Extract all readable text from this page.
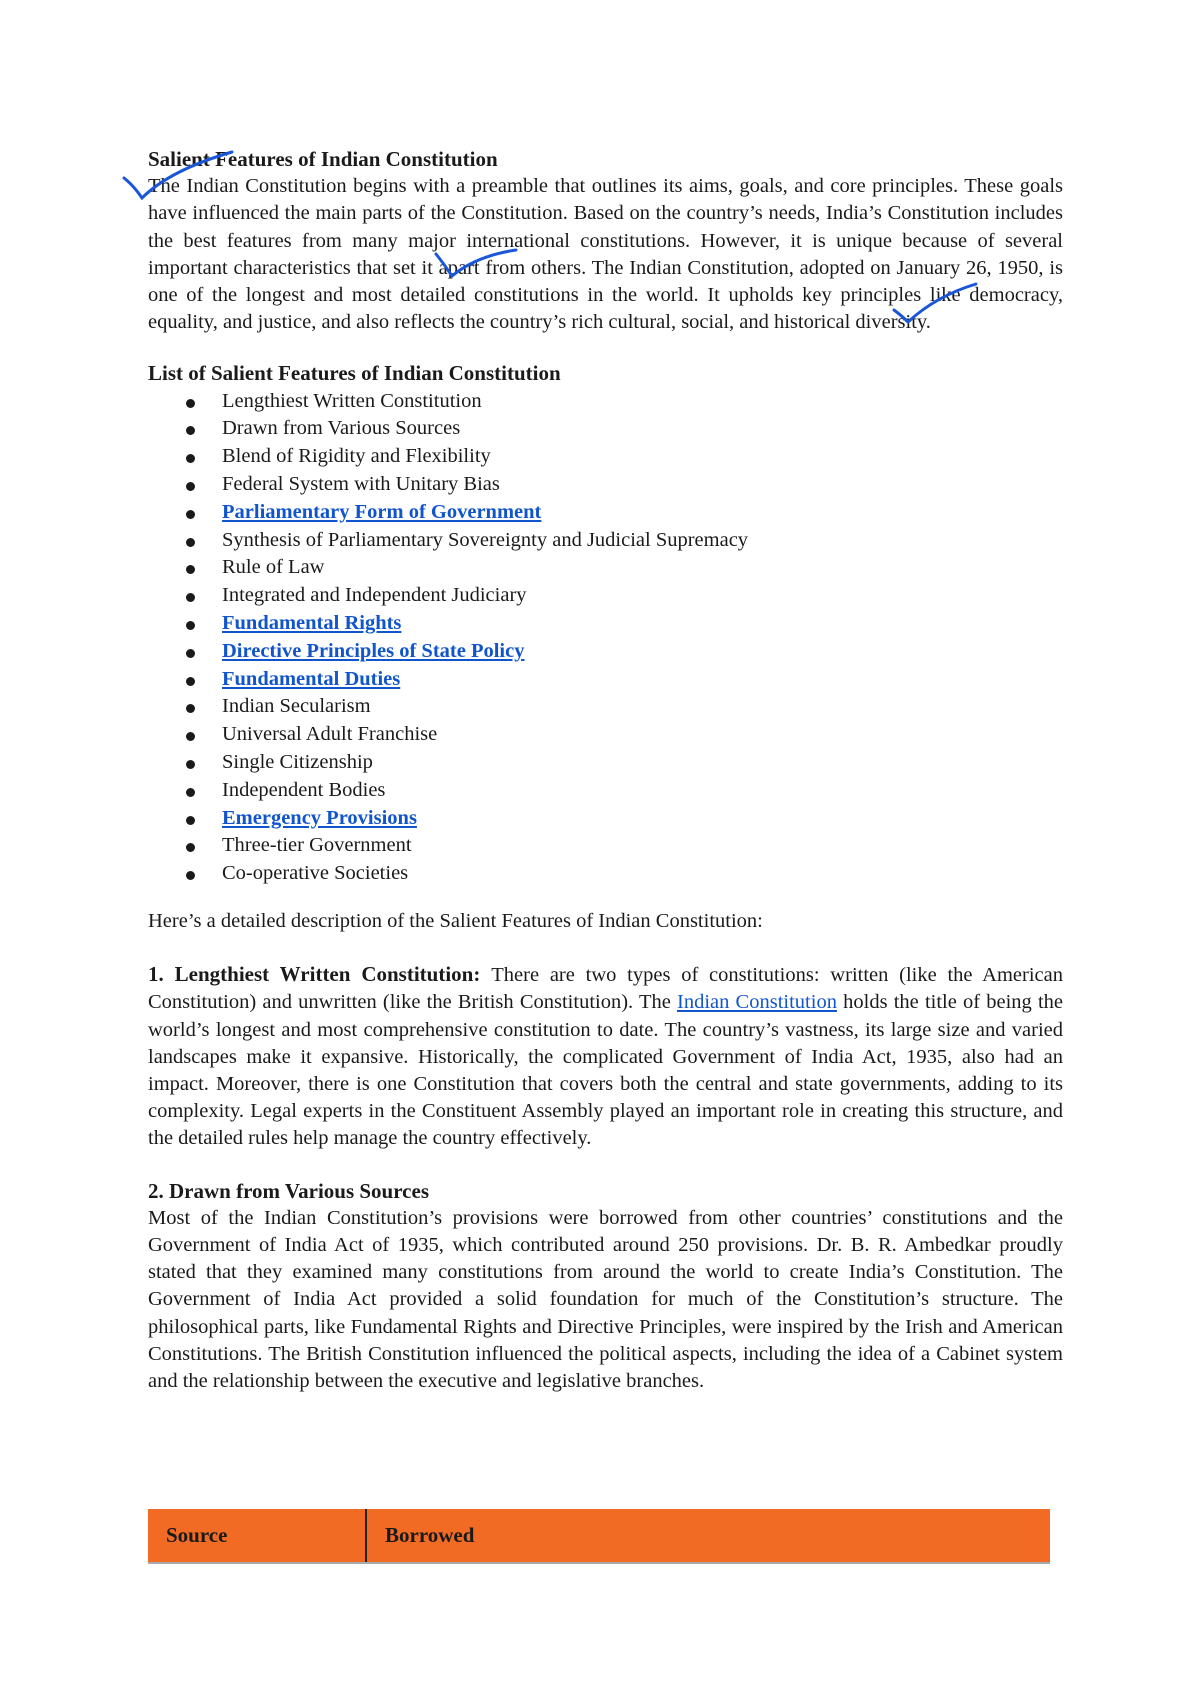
Salient Features of Indian Constitution

The Indian Constitution begins with a preamble that outlines its aims, goals, and core principles. These goals have influenced the main parts of the Constitution. Based on the country’s needs, India’s Constitution includes the best features from many major international constitutions. However, it is unique because of several important characteristics that set it apart from others. The Indian Constitution, adopted on January 26, 1950, is one of the longest and most detailed constitutions in the world. It upholds key principles like democracy, equality, and justice, and also reflects the country’s rich cultural, social, and historical diversity.

List of Salient Features of Indian Constitution
Lengthiest Written Constitution
Drawn from Various Sources
Blend of Rigidity and Flexibility
Federal System with Unitary Bias
Parliamentary Form of Government
Synthesis of Parliamentary Sovereignty and Judicial Supremacy
Rule of Law
Integrated and Independent Judiciary
Fundamental Rights
Directive Principles of State Policy
Fundamental Duties
Indian Secularism
Universal Adult Franchise
Single Citizenship
Independent Bodies
Emergency Provisions
Three-tier Government
Co-operative Societies

Here’s a detailed description of the Salient Features of Indian Constitution:

1. Lengthiest Written Constitution: There are two types of constitutions: written (like the American Constitution) and unwritten (like the British Constitution). The Indian Constitution holds the title of being the world’s longest and most comprehensive constitution to date. The country’s vastness, its large size and varied landscapes make it expansive. Historically, the complicated Government of India Act, 1935, also had an impact. Moreover, there is one Constitution that covers both the central and state governments, adding to its complexity. Legal experts in the Constituent Assembly played an important role in creating this structure, and the detailed rules help manage the country effectively.

2. Drawn from Various Sources

Most of the Indian Constitution’s provisions were borrowed from other countries’ constitutions and the Government of India Act of 1935, which contributed around 250 provisions. Dr. B. R. Ambedkar proudly stated that they examined many constitutions from around the world to create India’s Constitution. The Government of India Act provided a solid foundation for much of the Constitution’s structure. The philosophical parts, like Fundamental Rights and Directive Principles, were inspired by the Irish and American Constitutions. The British Constitution influenced the political aspects, including the idea of a Cabinet system and the relationship between the executive and legislative branches.

Source	Borrowed
